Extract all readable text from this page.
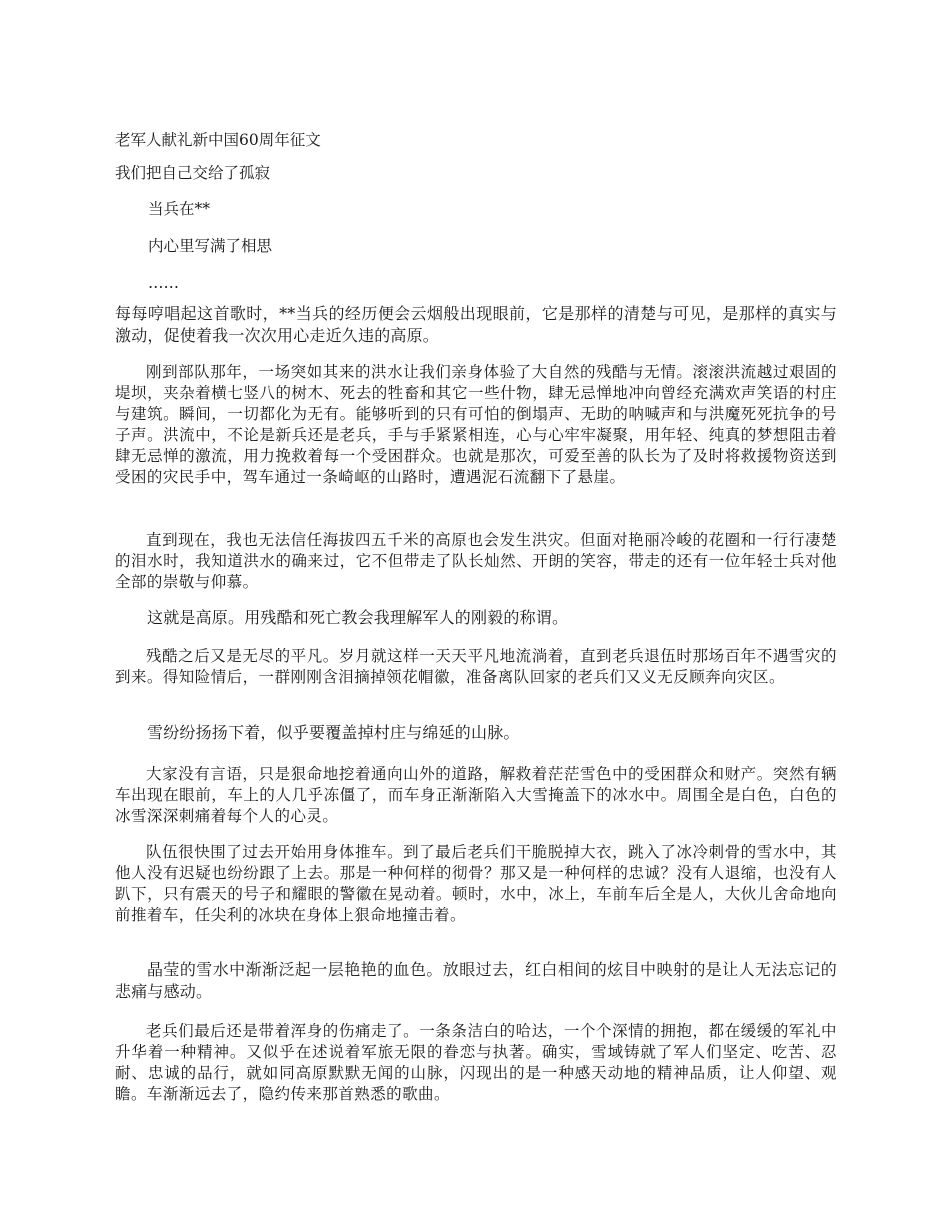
老军人献礼新中国60周年征文
我们把自己交给了孤寂
当兵在**
内心里写满了相思
……
每每哼唱起这首歌时，**当兵的经历便会云烟般出现眼前，它是那样的清楚与可见，是那样的真实与激动，促使着我一次次用心走近久违的高原。
刚到部队那年，一场突如其来的洪水让我们亲身体验了大自然的残酷与无情。滚滚洪流越过艰固的堤坝，夹杂着横七竖八的树木、死去的牲畜和其它一些什物，肆无忌惮地冲向曾经充满欢声笑语的村庄与建筑。瞬间，一切都化为无有。能够听到的只有可怕的倒塌声、无助的呐喊声和与洪魔死死抗争的号子声。洪流中，不论是新兵还是老兵，手与手紧紧相连，心与心牢牢凝聚，用年轻、纯真的梦想阻击着肆无忌惮的激流，用力挽救着每一个受困群众。也就是那次，可爱至善的队长为了及时将救援物资送到受困的灾民手中，驾车通过一条崎岖的山路时，遭遇泥石流翻下了悬崖。
直到现在，我也无法信任海拔四五千米的高原也会发生洪灾。但面对艳丽冷峻的花圈和一行行凄楚的泪水时，我知道洪水的确来过，它不但带走了队长灿然、开朗的笑容，带走的还有一位年轻士兵对他全部的崇敬与仰慕。
这就是高原。用残酷和死亡教会我理解军人的刚毅的称谓。
残酷之后又是无尽的平凡。岁月就这样一天天平凡地流淌着，直到老兵退伍时那场百年不遇雪灾的到来。得知险情后，一群刚刚含泪摘掉领花帽徽，准备离队回家的老兵们又义无反顾奔向灾区。
雪纷纷扬扬下着，似乎要覆盖掉村庄与绵延的山脉。
大家没有言语，只是狠命地挖着通向山外的道路，解救着茫茫雪色中的受困群众和财产。突然有辆车出现在眼前，车上的人几乎冻僵了，而车身正渐渐陷入大雪掩盖下的冰水中。周围全是白色，白色的冰雪深深刺痛着每个人的心灵。
队伍很快围了过去开始用身体推车。到了最后老兵们干脆脱掉大衣，跳入了冰冷刺骨的雪水中，其他人没有迟疑也纷纷跟了上去。那是一种何样的彻骨？那又是一种何样的忠诚？没有人退缩，也没有人趴下，只有震天的号子和耀眼的警徽在晃动着。顿时，水中，冰上，车前车后全是人，大伙儿舍命地向前推着车，任尖利的冰块在身体上狠命地撞击着。
晶莹的雪水中渐渐泛起一层艳艳的血色。放眼过去，红白相间的炫目中映射的是让人无法忘记的悲痛与感动。
老兵们最后还是带着浑身的伤痛走了。一条条洁白的哈达，一个个深情的拥抱，都在缓缓的军礼中升华着一种精神。又似乎在述说着军旅无限的眷恋与执著。确实，雪域铸就了军人们坚定、吃苦、忍耐、忠诚的品行，就如同高原默默无闻的山脉，闪现出的是一种感天动地的精神品质，让人仰望、观瞻。车渐渐远去了，隐约传来那首熟悉的歌曲。
